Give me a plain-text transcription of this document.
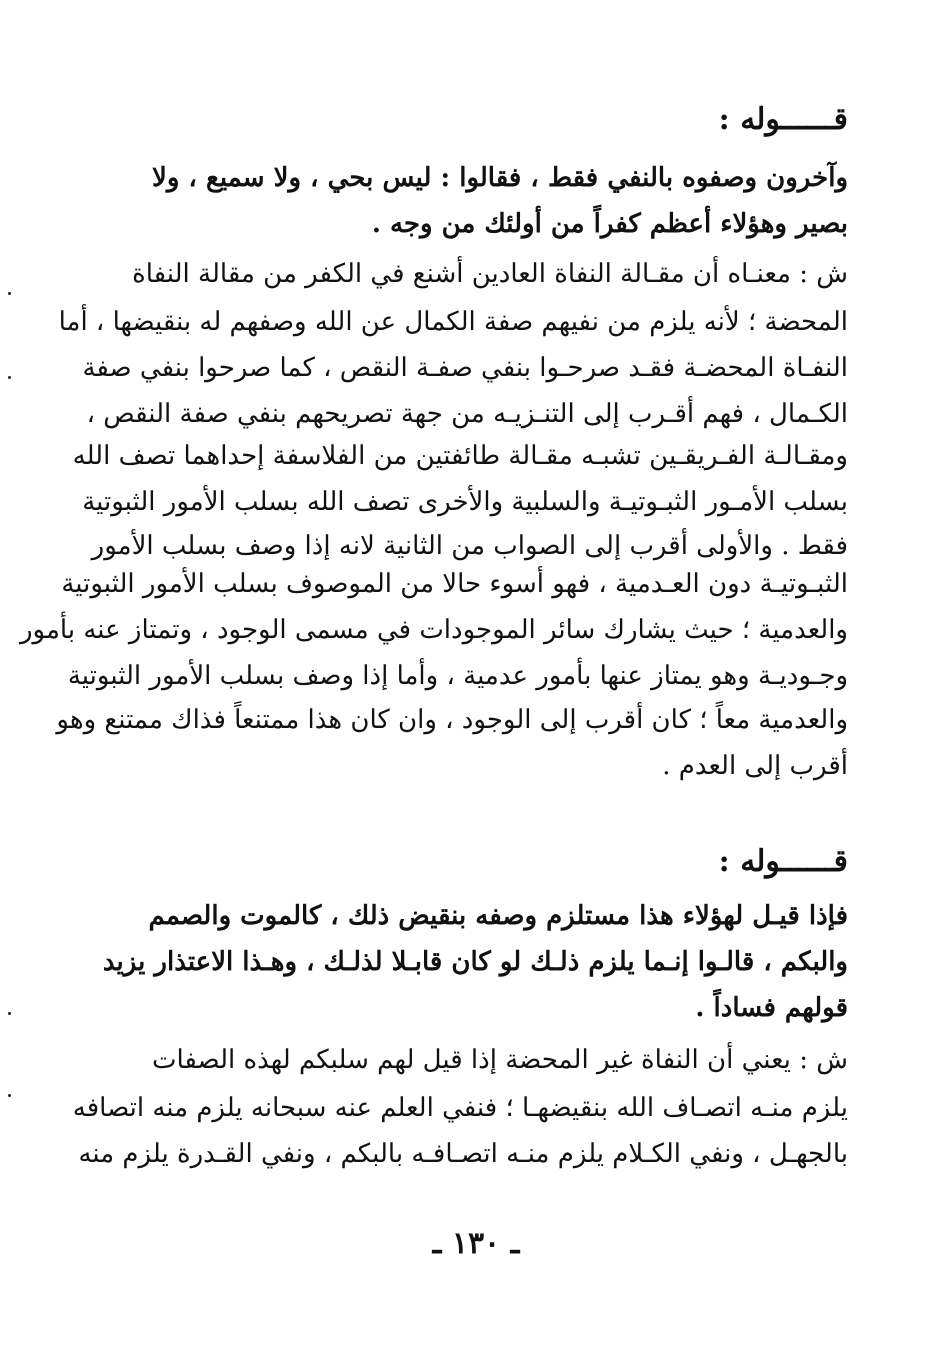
قــــــوله :
وآخرون وصفوه بالنفي فقط ، فقالوا : ليس بحي ، ولا سميع ، ولا
بصير وهؤلاء أعظم كفراً من أولئك من وجه .
ش : معنـاه أن مقـالة النفاة العادين أشنع في الكفر من مقالة النفاة
المحضة ؛ لأنه يلزم من نفيهم صفة الكمال عن الله وصفهم له بنقيضها ، أما
النفـاة المحضـة فقـد صرحـوا بنفي صفـة النقص ، كما صرحوا بنفي صفة
الكـمال ، فهم أقـرب إلى التنـزيـه من جهة تصريحهم بنفي صفة النقص ،
ومقـالـة الفـريقـين تشبـه مقـالة طائفتين من الفلاسفة إحداهما تصف الله
بسلب الأمـور الثبـوتيـة والسلبية والأخرى تصف الله بسلب الأمور الثبوتية
فقط . والأولى أقرب إلى الصواب من الثانية لانه إذا وصف بسلب الأمور
الثبـوتيـة دون العـدمية ، فهو أسوء حالا من الموصوف بسلب الأمور الثبوتية
والعدمية ؛ حيث يشارك سائر الموجودات في مسمى الوجود ، وتمتاز عنه بأمور
وجـوديـة وهو يمتاز عنها بأمور عدمية ، وأما إذا وصف بسلب الأمور الثبوتية
والعدمية معاً ؛ كان أقرب إلى الوجود ، وان كان هذا ممتنعاً فذاك ممتنع وهو
أقرب إلى العدم .
قــــــوله :
فإذا قيـل لهؤلاء هذا مستلزم وصفه بنقيض ذلك ، كالموت والصمم
والبكم ، قالـوا إنـما يلزم ذلـك لو كان قابـلا لذلـك ، وهـذا الاعتذار يزيد
قولهم فساداً .
ش : يعني أن النفاة غير المحضة إذا قيل لهم سلبكم لهذه الصفات
يلزم منـه اتصـاف الله بنقيضهـا ؛ فنفي العلم عنه سبحانه يلزم منه اتصافه
بالجهـل ، ونفي الكـلام يلزم منـه اتصـافـه بالبكم ، ونفي القـدرة يلزم منه
ـ ١٣٠ ـ
